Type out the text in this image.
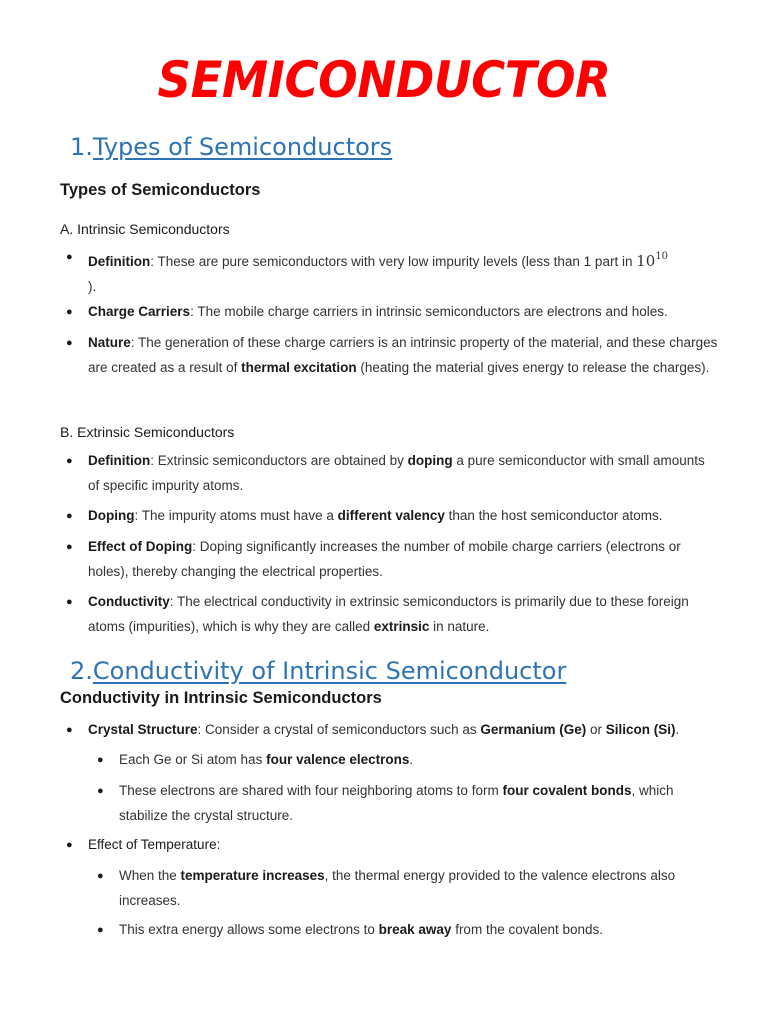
SEMICONDUCTOR
1.Types of Semiconductors
Types of Semiconductors
A. Intrinsic Semiconductors
● Definition: These are pure semiconductors with very low impurity levels (less than 1 part in $10^{10}$
).
● Charge Carriers: The mobile charge carriers in intrinsic semiconductors are electrons and holes.
● Nature: The generation of these charge carriers is an intrinsic property of the material, and these charges are created as a result of thermal excitation (heating the material gives energy to release the charges).
B. Extrinsic Semiconductors
● Definition: Extrinsic semiconductors are obtained by doping a pure semiconductor with small amounts of specific impurity atoms.
● Doping: The impurity atoms must have a different valency than the host semiconductor atoms.
● Effect of Doping: Doping significantly increases the number of mobile charge carriers (electrons or holes), thereby changing the electrical properties.
● Conductivity: The electrical conductivity in extrinsic semiconductors is primarily due to these foreign atoms (impurities), which is why they are called extrinsic in nature.
2.Conductivity of Intrinsic Semiconductor
Conductivity in Intrinsic Semiconductors
● Crystal Structure: Consider a crystal of semiconductors such as Germanium (Ge) or Silicon (Si).
● Each Ge or Si atom has four valence electrons.
● These electrons are shared with four neighboring atoms to form four covalent bonds, which stabilize the crystal structure.
● Effect of Temperature:
● When the temperature increases, the thermal energy provided to the valence electrons also increases.
● This extra energy allows some electrons to break away from the covalent bonds.
